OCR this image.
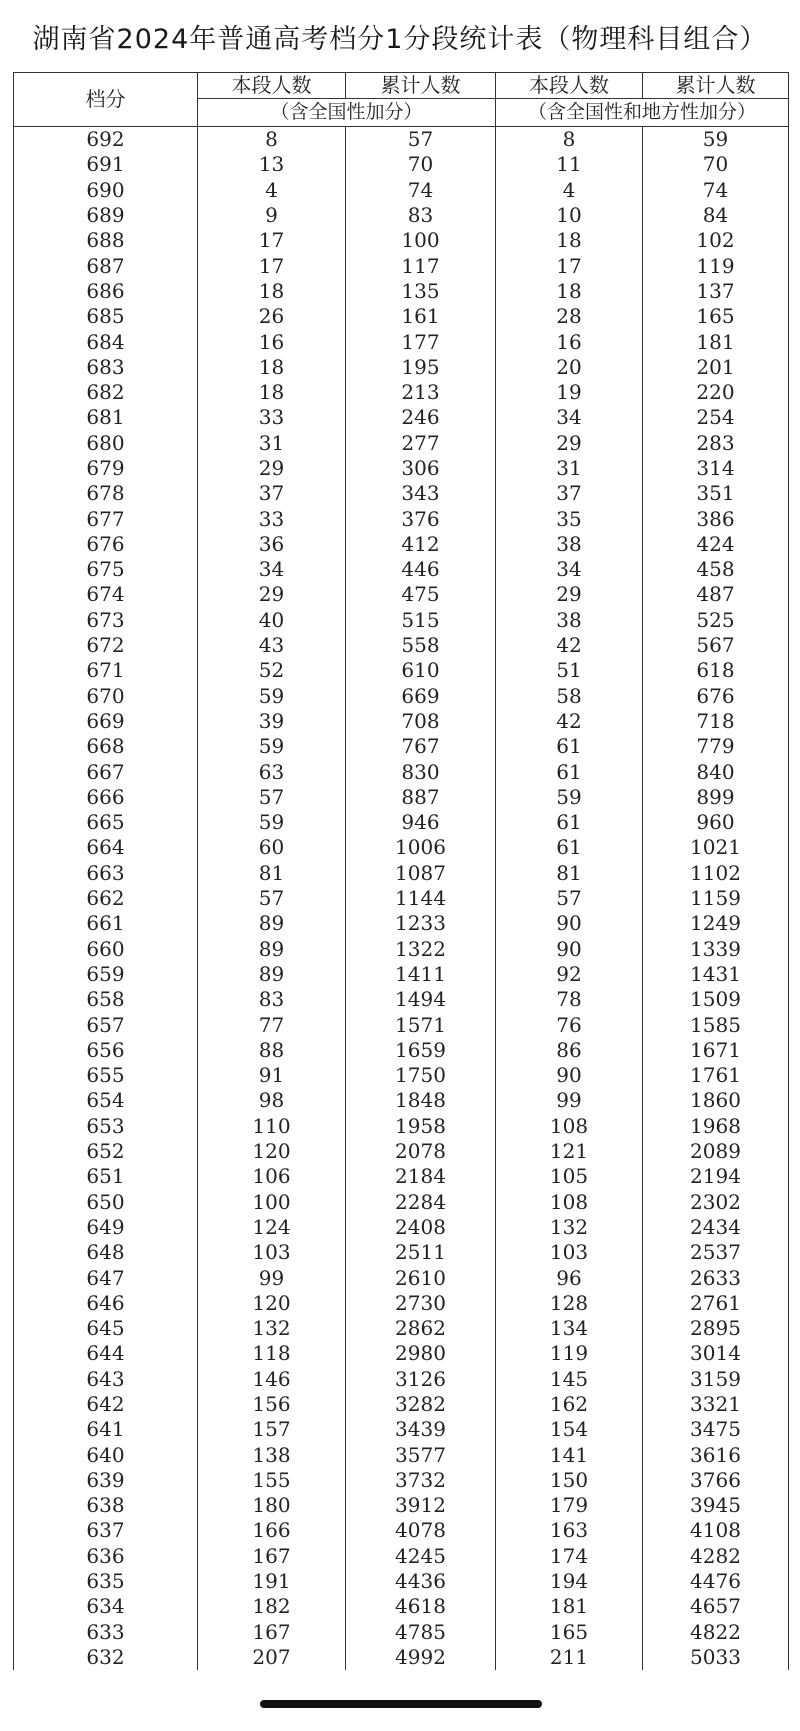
湖南省2024年普通高考档分1分段统计表（物理科目组合）
档分	本段人数	累计人数	本段人数	累计人数
	（含全国性加分）		（含全国性和地方性加分）	
692	8	57	8	59
691	13	70	11	70
690	4	74	4	74
689	9	83	10	84
688	17	100	18	102
687	17	117	17	119
686	18	135	18	137
685	26	161	28	165
684	16	177	16	181
683	18	195	20	201
682	18	213	19	220
681	33	246	34	254
680	31	277	29	283
679	29	306	31	314
678	37	343	37	351
677	33	376	35	386
676	36	412	38	424
675	34	446	34	458
674	29	475	29	487
673	40	515	38	525
672	43	558	42	567
671	52	610	51	618
670	59	669	58	676
669	39	708	42	718
668	59	767	61	779
667	63	830	61	840
666	57	887	59	899
665	59	946	61	960
664	60	1006	61	1021
663	81	1087	81	1102
662	57	1144	57	1159
661	89	1233	90	1249
660	89	1322	90	1339
659	89	1411	92	1431
658	83	1494	78	1509
657	77	1571	76	1585
656	88	1659	86	1671
655	91	1750	90	1761
654	98	1848	99	1860
653	110	1958	108	1968
652	120	2078	121	2089
651	106	2184	105	2194
650	100	2284	108	2302
649	124	2408	132	2434
648	103	2511	103	2537
647	99	2610	96	2633
646	120	2730	128	2761
645	132	2862	134	2895
644	118	2980	119	3014
643	146	3126	145	3159
642	156	3282	162	3321
641	157	3439	154	3475
640	138	3577	141	3616
639	155	3732	150	3766
638	180	3912	179	3945
637	166	4078	163	4108
636	167	4245	174	4282
635	191	4436	194	4476
634	182	4618	181	4657
633	167	4785	165	4822
632	207	4992	211	5033
